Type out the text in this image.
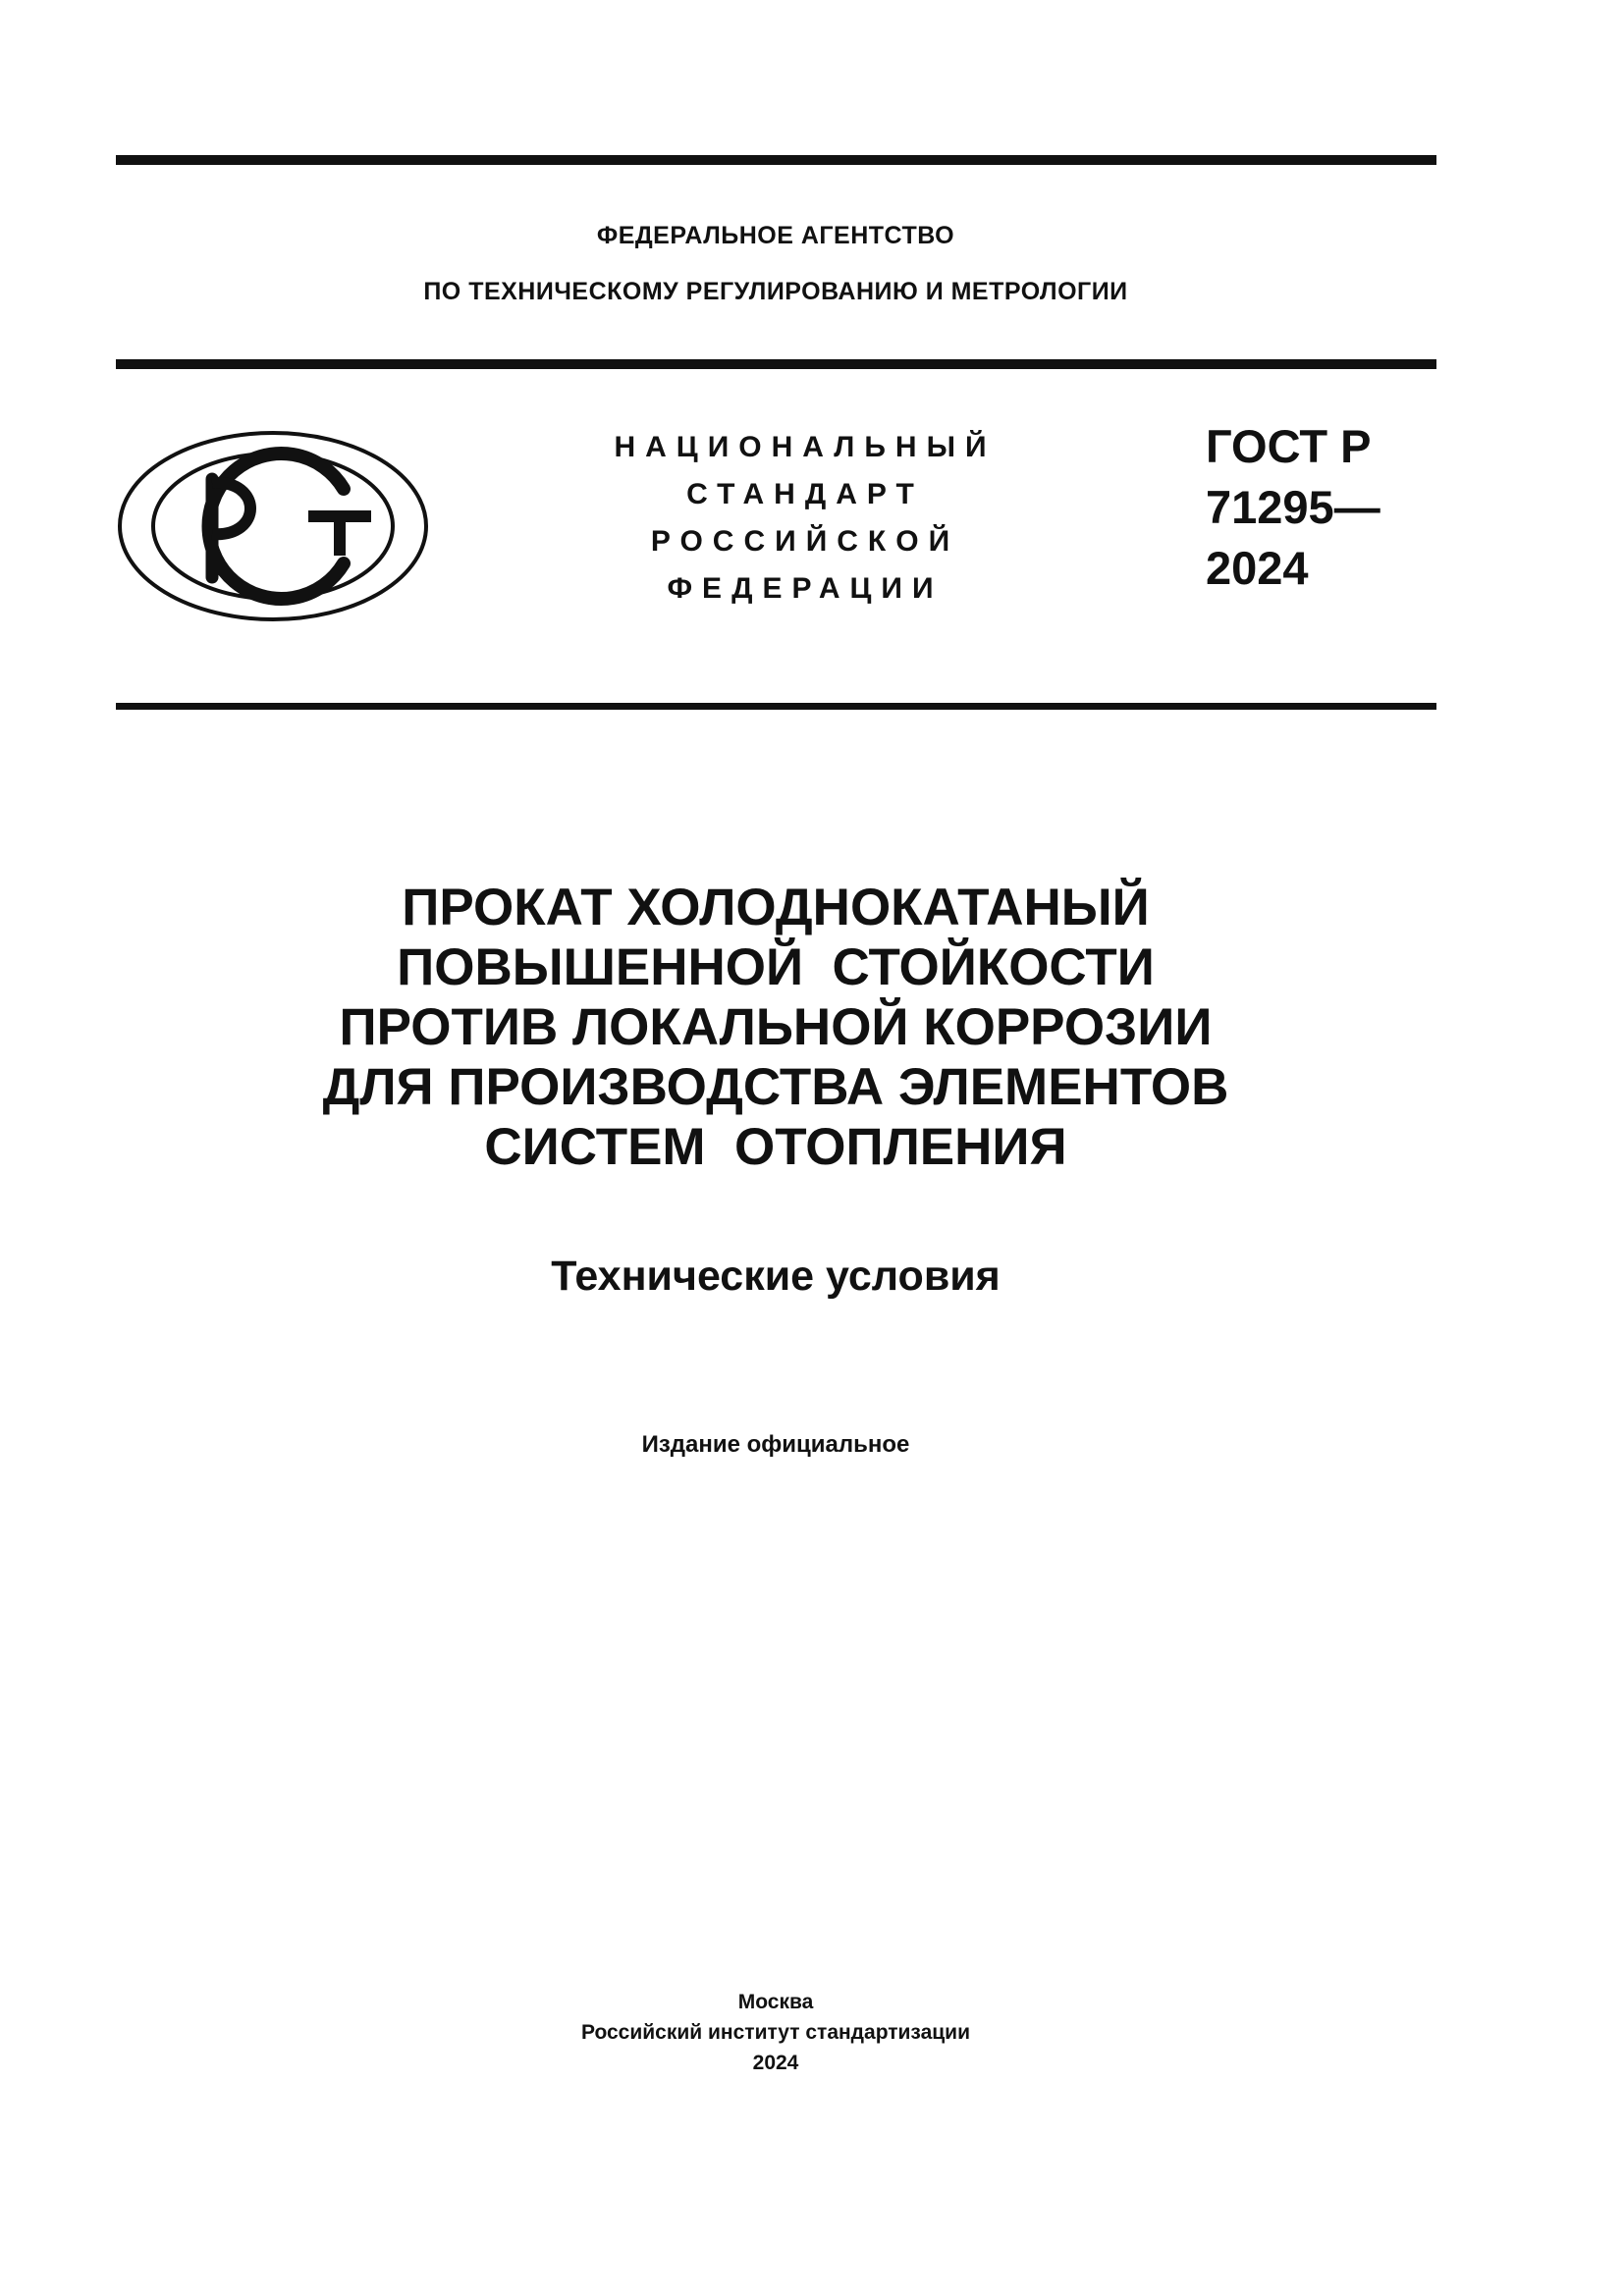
ФЕДЕРАЛЬНОЕ АГЕНТСТВО
ПО ТЕХНИЧЕСКОМУ РЕГУЛИРОВАНИЮ И МЕТРОЛОГИИ
НАЦИОНАЛЬНЫЙ
СТАНДАРТ
РОССИЙСКОЙ
ФЕДЕРАЦИИ
ГОСТ Р
71295—
2024
ПРОКАТ ХОЛОДНОКАТАНЫЙ
ПОВЫШЕННОЙ  СТОЙКОСТИ
ПРОТИВ ЛОКАЛЬНОЙ КОРРОЗИИ
ДЛЯ ПРОИЗВОДСТВА ЭЛЕМЕНТОВ
СИСТЕМ  ОТОПЛЕНИЯ
Технические условия
Издание официальное
Москва
Российский институт стандартизации
2024
